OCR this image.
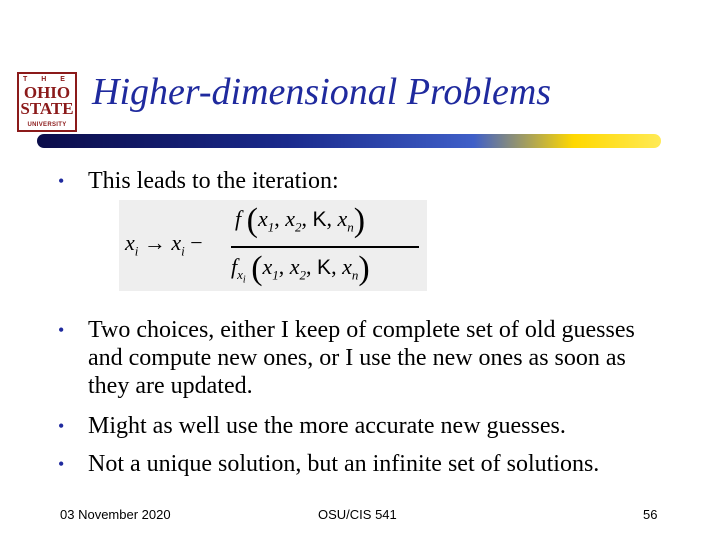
T H E
OHIO
STATE
UNIVERSITY
Higher-dimensional Problems
• This leads to the iteration:
$x_i \to x_i$ −
f ($x_1$, $x_2$, K, $x_n$)
$f_{x_i}$ ($x_1$, $x_2$, K, $x_n$)
• Two choices, either I keep of complete set of old guesses and compute new ones, or I use the new ones as soon as they are updated.
• Might as well use the more accurate new guesses.
• Not a unique solution, but an infinite set of solutions.
03 November 2020	OSU/CIS 541	56
